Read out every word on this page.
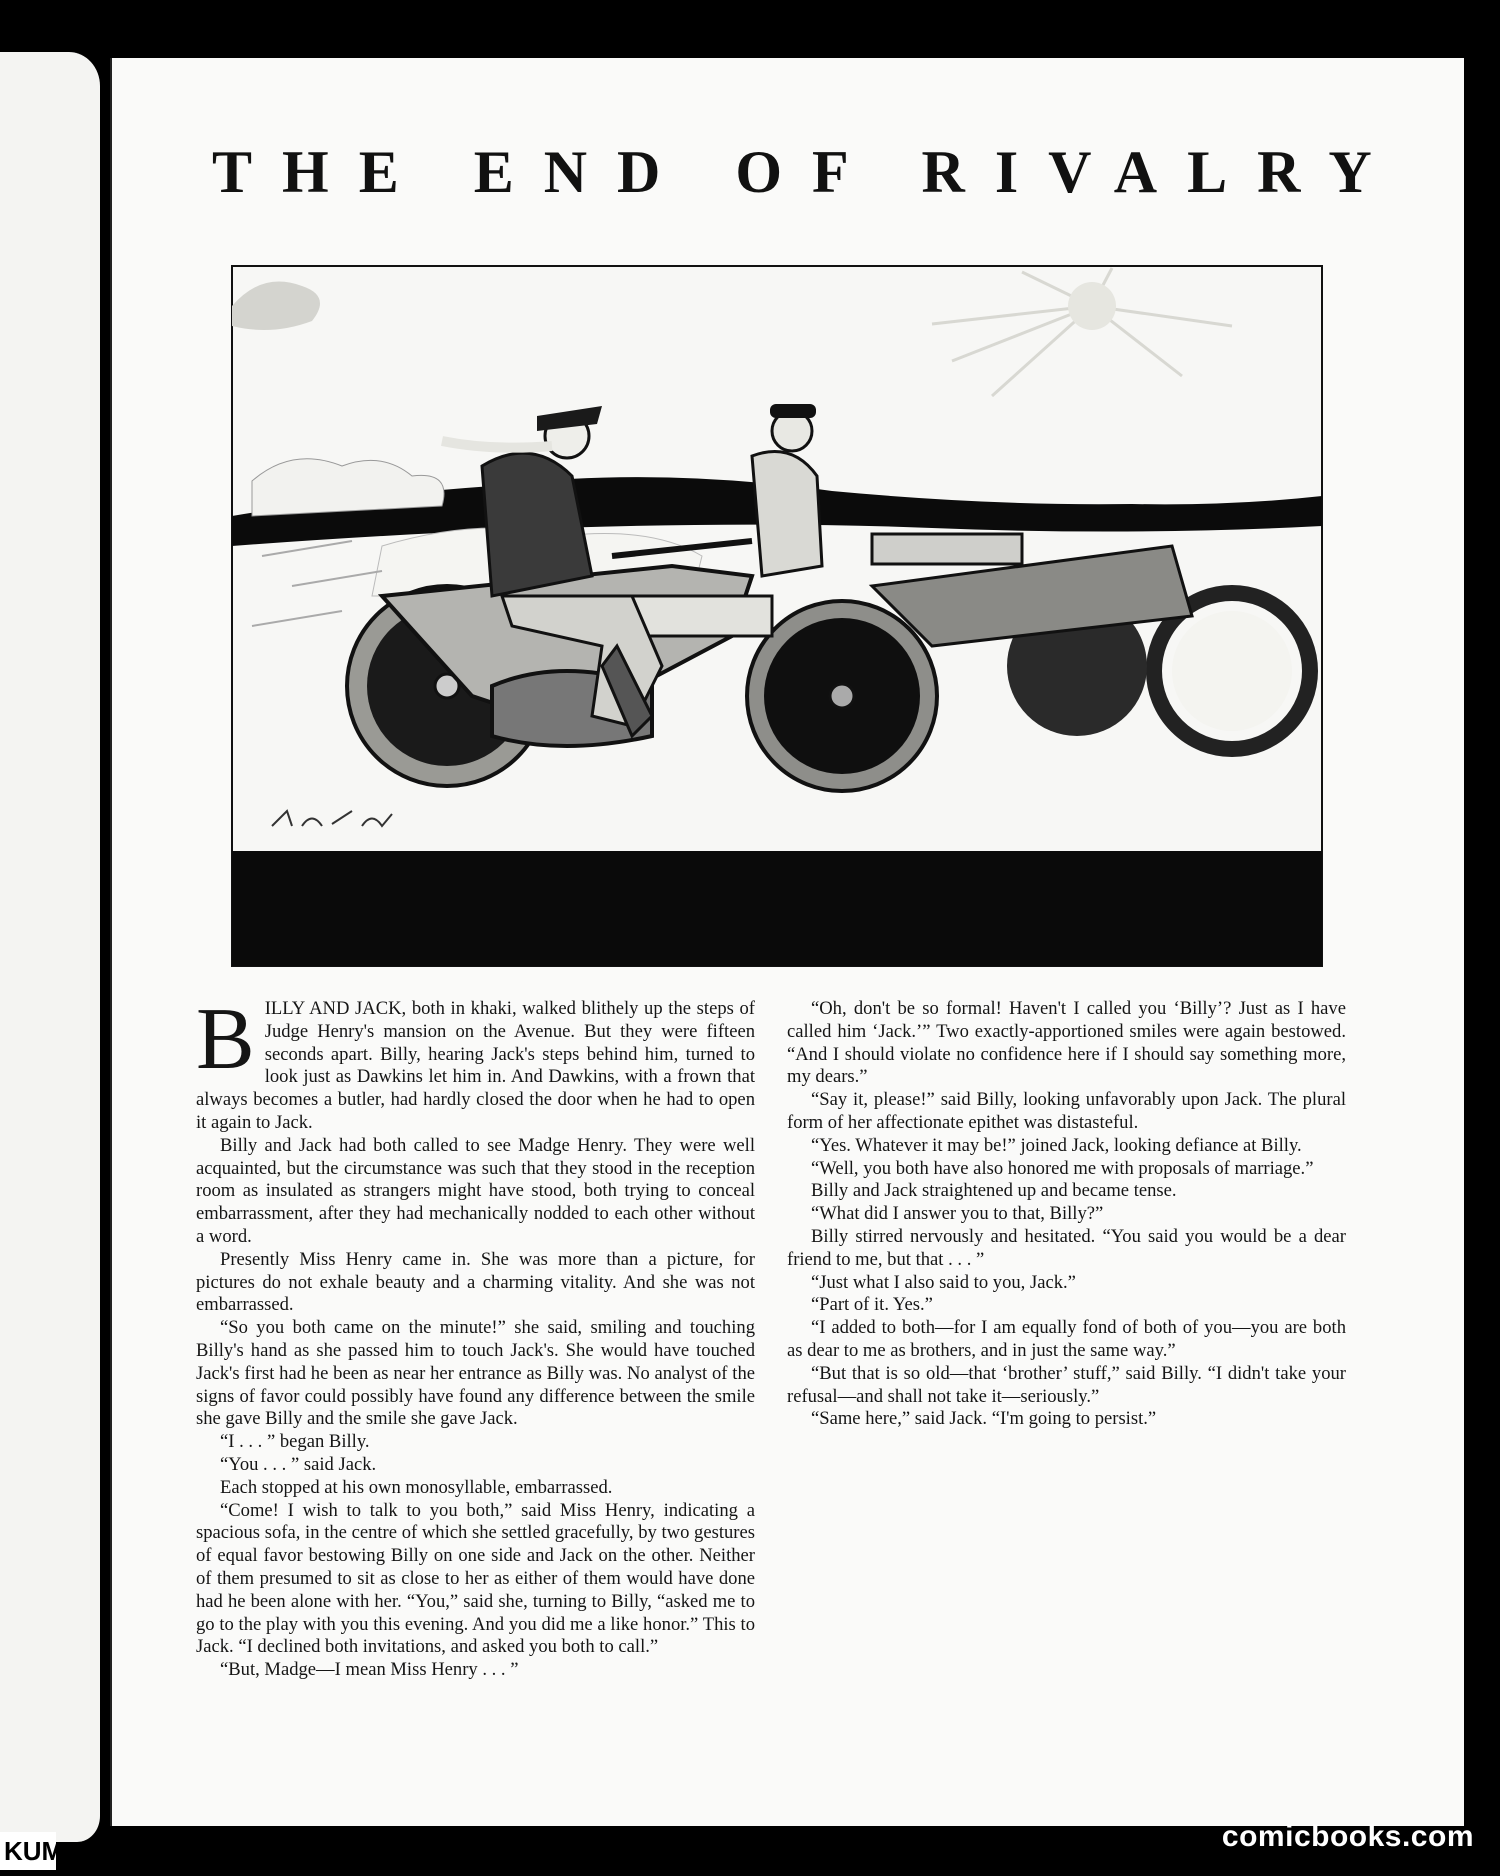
THE END OF RIVALRY

BILLY AND JACK, both in khaki, walked blithely up the steps of Judge Henry's mansion on the Avenue. But they were fifteen seconds apart. Billy, hearing Jack's steps behind him, turned to look just as Dawkins let him in. And Dawkins, with a frown that always becomes a butler, had hardly closed the door when he had to open it again to Jack.

Billy and Jack had both called to see Madge Henry. They were well acquainted, but the circumstance was such that they stood in the reception room as insulated as strangers might have stood, both trying to conceal embarrassment, after they had mechanically nodded to each other without a word.

Presently Miss Henry came in. She was more than a picture, for pictures do not exhale beauty and a charming vitality. And she was not embarrassed.

“So you both came on the minute!” she said, smiling and touching Billy's hand as she passed him to touch Jack's. She would have touched Jack's first had he been as near her entrance as Billy was. No analyst of the signs of favor could possibly have found any difference between the smile she gave Billy and the smile she gave Jack.

“I . . . ” began Billy.

“You . . . ” said Jack.

Each stopped at his own monosyllable, embarrassed.

“Come! I wish to talk to you both,” said Miss Henry, indicating a spacious sofa, in the centre of which she settled gracefully, by two gestures of equal favor bestowing Billy on one side and Jack on the other. Neither of them presumed to sit as close to her as either of them would have done had he been alone with her. “You,” said she, turning to Billy, “asked me to go to the play with you this evening. And you did me a like honor.” This to Jack. “I declined both invitations, and asked you both to call.”

“But, Madge—I mean Miss Henry . . . ”

“Oh, don't be so formal! Haven't I called you ‘Billy’? Just as I have called him ‘Jack.’” Two exactly-apportioned smiles were again bestowed. “And I should violate no confidence here if I should say something more, my dears.”

“Say it, please!” said Billy, looking unfavorably upon Jack. The plural form of her affectionate epithet was distasteful.

“Yes. Whatever it may be!” joined Jack, looking defiance at Billy.

“Well, you both have also honored me with proposals of marriage.”

Billy and Jack straightened up and became tense.

“What did I answer you to that, Billy?”

Billy stirred nervously and hesitated. “You said you would be a dear friend to me, but that . . . ”

“Just what I also said to you, Jack.”

“Part of it. Yes.”

“I added to both—for I am equally fond of both of you—you are both as dear to me as brothers, and in just the same way.”

“But that is so old—that ‘brother’ stuff,” said Billy. “I didn't take your refusal—and shall not take it—seriously.”

“Same here,” said Jack. “I'm going to persist.”

comicbooks.com
KUM
